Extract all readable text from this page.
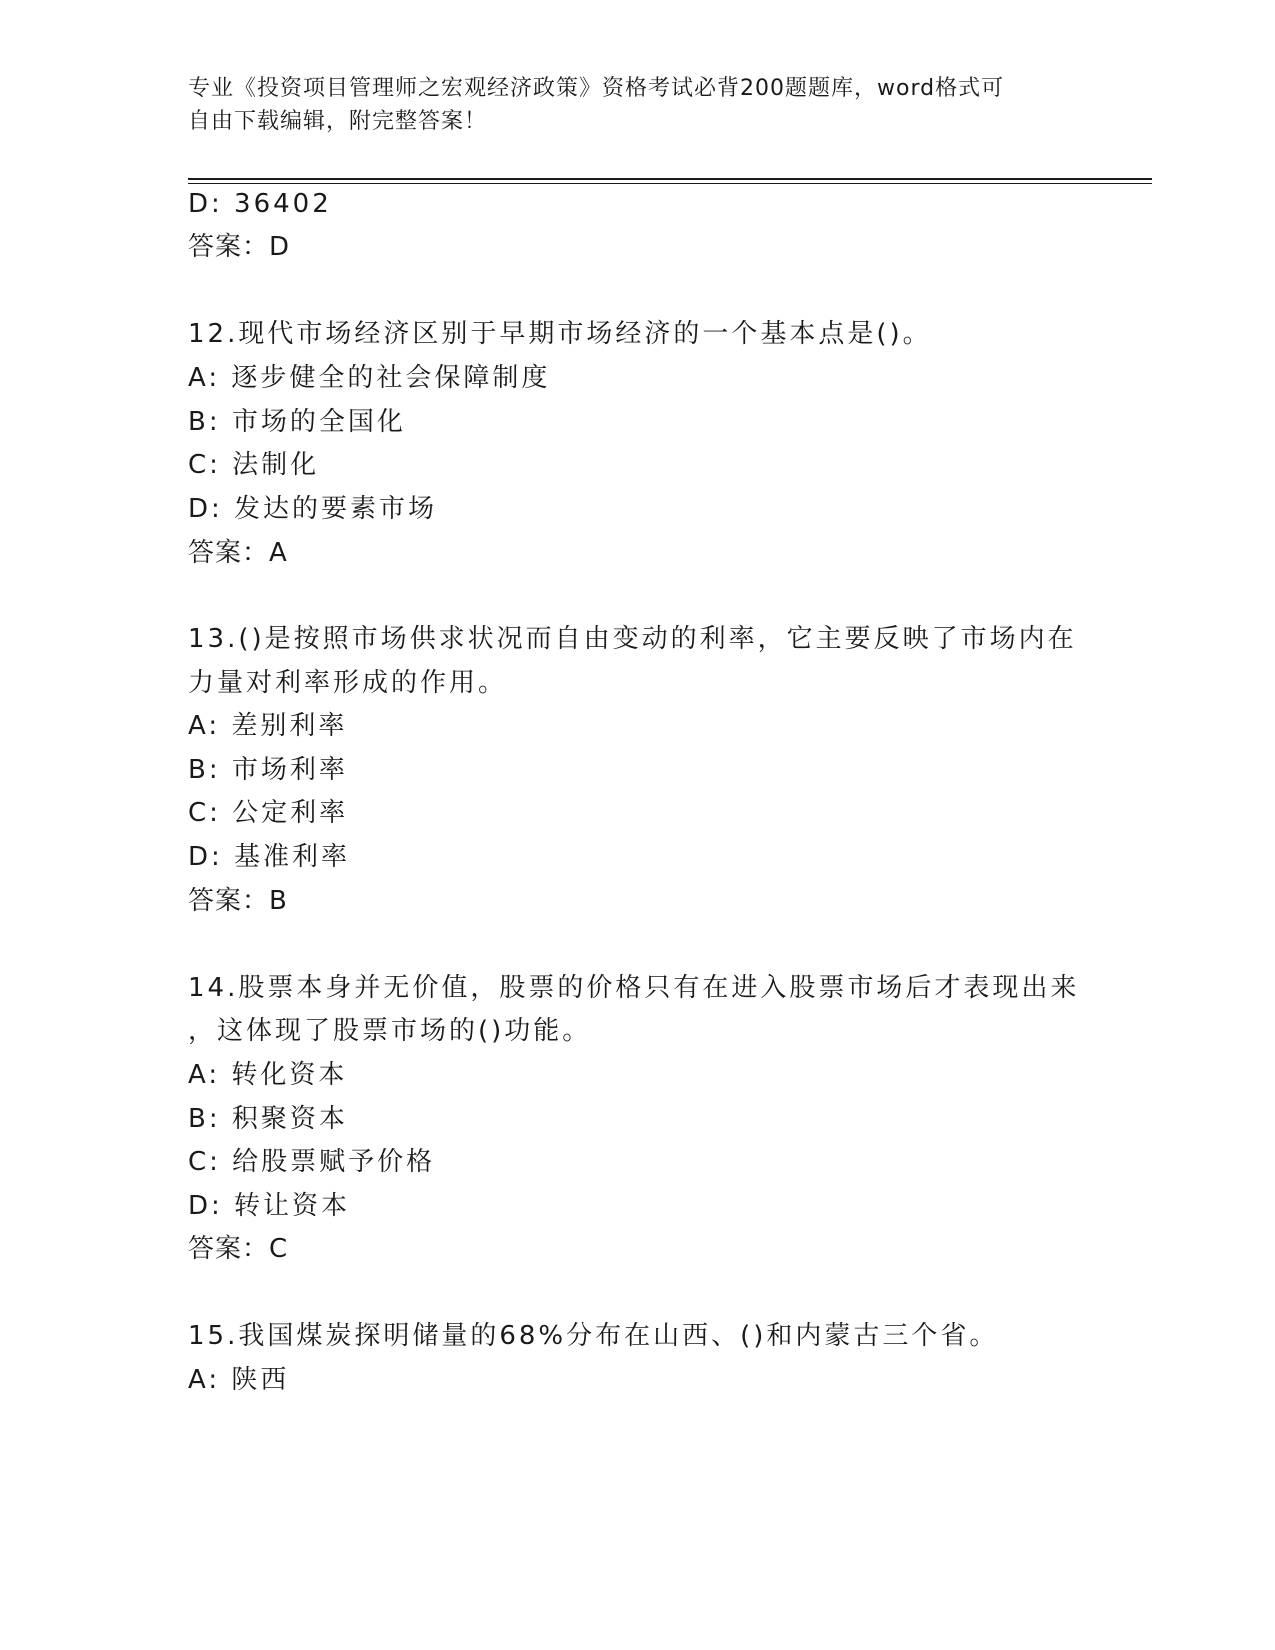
专业《投资项目管理师之宏观经济政策》资格考试必背200题题库，word格式可
自由下载编辑，附完整答案！
D: 36402
答案：D
12.现代市场经济区别于早期市场经济的一个基本点是()。
A: 逐步健全的社会保障制度
B: 市场的全国化
C: 法制化
D: 发达的要素市场
答案：A
13.()是按照市场供求状况而自由变动的利率，它主要反映了市场内在
力量对利率形成的作用。
A: 差别利率
B: 市场利率
C: 公定利率
D: 基准利率
答案：B
14.股票本身并无价值，股票的价格只有在进入股票市场后才表现出来
，这体现了股票市场的()功能。
A: 转化资本
B: 积聚资本
C: 给股票赋予价格
D: 转让资本
答案：C
15.我国煤炭探明储量的68%分布在山西、()和内蒙古三个省。
A: 陕西
